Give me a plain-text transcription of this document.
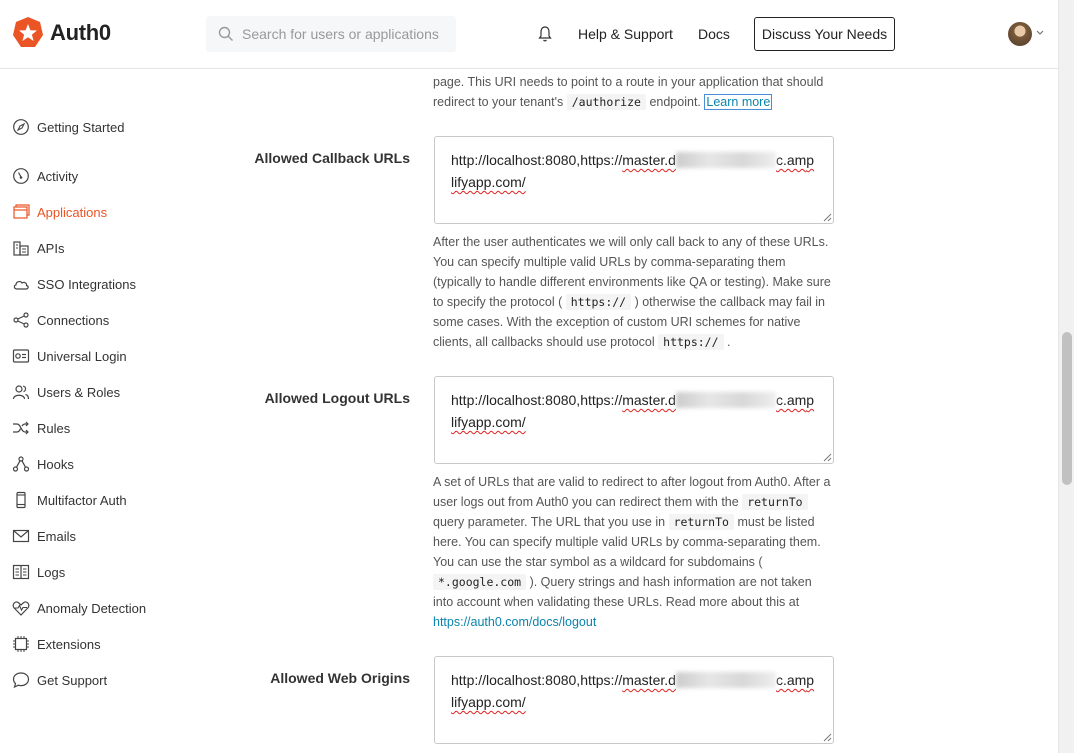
Auth0
Search for users or applications	Help & Support Docs	Discuss Your Needs
Getting Started
Activity
Applications
APIs
SSO Integrations
Connections
Universal Login
Users & Roles
Rules
Hooks
Multifactor Auth
Emails
Logs
Anomaly Detection
Extensions
Get Support
page. This URI needs to point to a route in your application that should redirect to your tenant's /authorize endpoint. Learn more
Allowed Callback URLs	http://localhost:8080,https://master.d	c.amplifyapp.com/
After the user authenticates we will only call back to any of these URLs. You can specify multiple valid URLs by comma-separating them (typically to handle different environments like QA or testing). Make sure to specify the protocol ( https:// ) otherwise the callback may fail in some cases. With the exception of custom URI schemes for native clients, all callbacks should use protocol https:// .
Allowed Logout URLs	http://localhost:8080,https://master.d	c.amplifyapp.com/
A set of URLs that are valid to redirect to after logout from Auth0. After a user logs out from Auth0 you can redirect them with the returnTo query parameter. The URL that you use in returnTo must be listed here. You can specify multiple valid URLs by comma-separating them. You can use the star symbol as a wildcard for subdomains ( *.google.com ). Query strings and hash information are not taken into account when validating these URLs. Read more about this at https://auth0.com/docs/logout
Allowed Web Origins	http://localhost:8080,https://master.d	c.amplifyapp.com/
